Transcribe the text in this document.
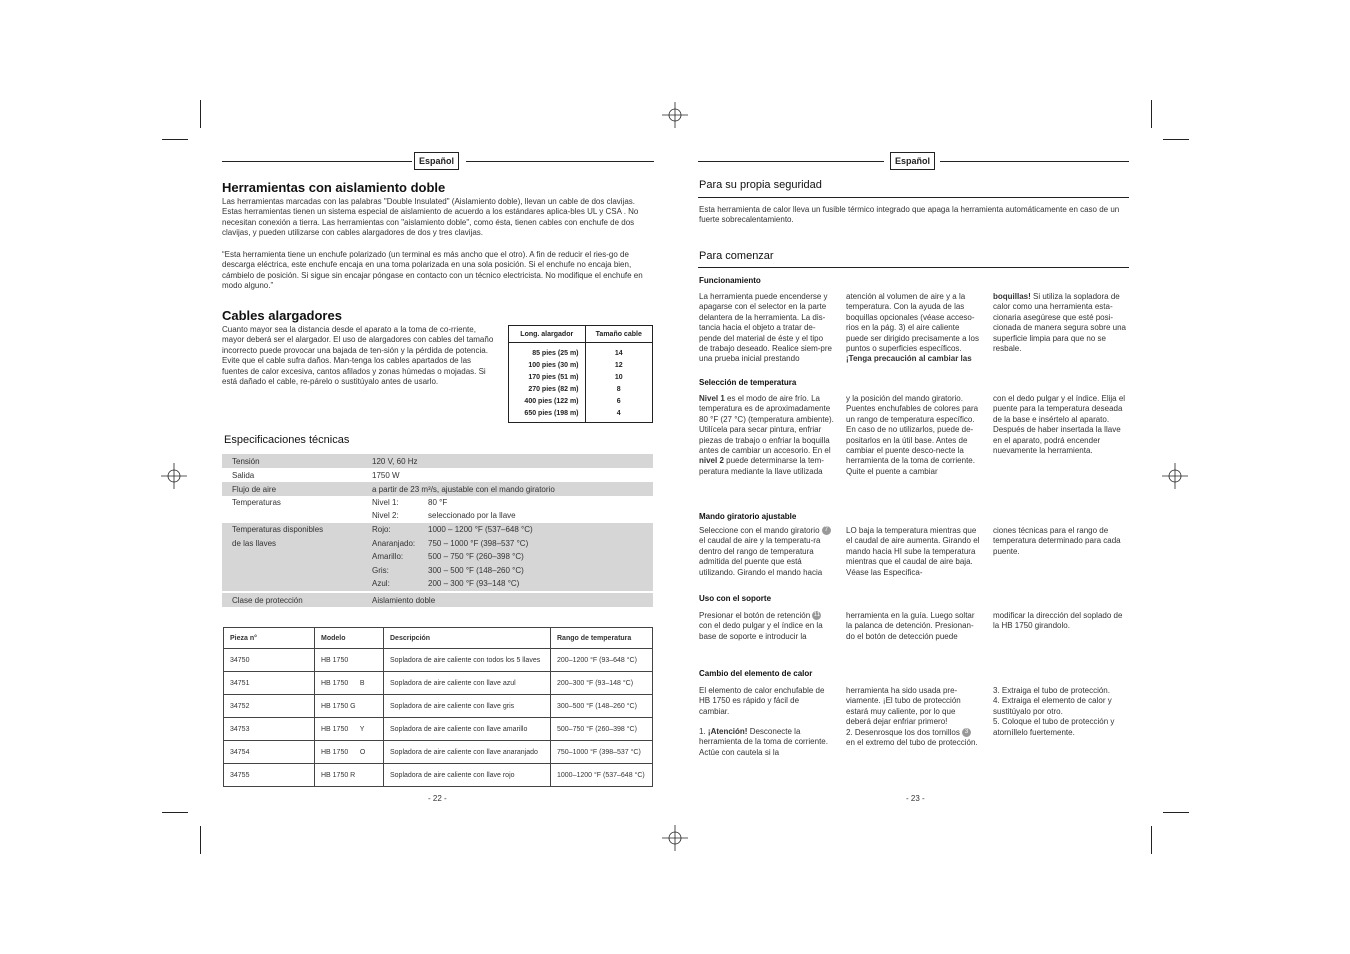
Español
Herramientas con aislamiento doble

Las herramientas marcadas con las palabras "Double Insulated" (Aislamiento doble), llevan un cable de dos clavijas. Estas herramientas tienen un sistema especial de aislamiento de acuerdo a los estándares aplica-bles UL y CSA . No necesitan conexión a tierra. Las herramientas con "aislamiento doble", como ésta, tienen cables con enchufe de dos clavijas, y pueden utilizarse con cables alargadores de dos y tres clavijas.

“Esta herramienta tiene un enchufe polarizado (un terminal es más ancho que el otro). A fin de reducir el ries-go de descarga eléctrica, este enchufe encaja en una toma polarizada en una sola posición. Si el enchufe no encaja bien, cámbielo de posición. Si sigue sin encajar póngase en contacto con un técnico electricista. No modifique el enchufe en modo alguno.”

Cables alargadores

Cuanto mayor sea la distancia desde el aparato a la toma de co-rriente, mayor deberá ser el alargador. El uso de alargadores con cables del tamaño incorrecto puede provocar una bajada de ten-sión y la pérdida de potencia. Evite que el cable sufra daños. Man-tenga los cables apartados de las fuentes de calor excesiva, cantos afilados y zonas húmedas o mojadas. Si está dañado el cable, re-párelo o sustitúyalo antes de usarlo.

Long. alargador	Tamaño cable
85 pies (25 m)	14
100 pies (30 m)	12
170 pies (51 m)	10
270 pies (82 m)	8
400 pies (122 m)	6
650 pies (198 m)	4
Especificaciones técnicas
Tensión	120 V, 60 Hz
Salida	1750 W
Flujo de aire	a partir de 23 m³/s, ajustable con el mando giratorio
Temperaturas	Nivel 1:	80 °F
Nivel 2:	seleccionado por la llave
Temperaturas disponibles
de las llaves
Rojo:	1000 – 1200 °F (537–648 °C)
Anaranjado:	750 – 1000 °F (398–537 °C)
Amarillo:	500 – 750 °F (260–398 °C)
Gris:	300 – 500 °F (148–260 °C)
Azul:	200 – 300 °F (93–148 °C)
Clase de protección	Aislamiento doble
Pieza n°	Modelo	Descripción	Rango de temperatura
34750	HB 1750	Sopladora de aire caliente con todos los 5 llaves	200–1200 °F (93–648 °C)
34751	HB 1750      B	Sopladora de aire caliente con llave azul	200–300 °F (93–148 °C)
34752	HB 1750 G	Sopladora de aire caliente con llave gris	300–500 °F (148–260 °C)
34753	HB 1750      Y	Sopladora de aire caliente con llave amarillo	500–750 °F (260–398 °C)
34754	HB 1750      O	Sopladora de aire caliente con llave anaranjado	750–1000 °F (398–537 °C)
34755	HB 1750 R	Sopladora de aire caliente con llave rojo	1000–1200 °F (537–648 °C)
- 22 -
Español
Para su propia seguridad

Esta herramienta de calor lleva un fusible térmico integrado que apaga la herramienta automáticamente en caso de un fuerte sobrecalentamiento.

Para comenzar
Funcionamiento

La herramienta puede encenderse y apagarse con el selector en la parte delantera de la herramienta. La dis-tancia hacia el objeto a tratar de-pende del material de éste y el tipo de trabajo deseado. Realice siem-pre una prueba inicial prestando

atención al volumen de aire y a la temperatura. Con la ayuda de las boquillas opcionales (véase acceso-rios en la pág. 3) el aire caliente puede ser dirigido precisamente a los puntos o superficies específicos. ¡Tenga precaución al cambiar las

boquillas! Si utiliza la sopladora de calor como una herramienta esta-cionaria asegúrese que esté posi-cionada de manera segura sobre una superficie limpia para que no se resbale.

Selección de temperatura

Nivel 1 es el modo de aire frío. La temperatura es de aproximadamente 80 °F (27 °C) (temperatura ambiente). Utilícela para secar pintura, enfriar piezas de trabajo o enfriar la boquilla antes de cambiar un accesorio. En el nivel 2 puede determinarse la tem-peratura mediante la llave utilizada

y la posición del mando giratorio. Puentes enchufables de colores para un rango de temperatura específico. En caso de no utilizarlos, puede de-positarlos en la útil base. Antes de cambiar el puente desco-necte la herramienta de la toma de corriente. Quite el puente a cambiar

con el dedo pulgar y el índice. Elija el puente para la temperatura deseada de la base e insértelo al aparato. Después de haber insertada la llave en el aparato, podrá encender nuevamente la herramienta.

Mando giratorio ajustable

Seleccione con el mando giratorio 7 el caudal de aire y la temperatu-ra dentro del rango de temperatura admitida del puente que está utilizando. Girando el mando hacia

LO baja la temperatura mientras que el caudal de aire aumenta. Girando el mando hacia HI sube la temperatura mientras que el caudal de aire baja. Véase las Especifica-

ciones técnicas para el rango de temperatura determinado para cada puente.

Uso con el soporte

Presionar el botón de retención 11 con el dedo pulgar y el índice en la base de soporte e introducir la

herramienta en la guía. Luego soltar la palanca de detención. Presionan-do el botón de detección puede

modificar la dirección del soplado de la HB 1750 girandolo.

Cambio del elemento de calor

El elemento de calor enchufable de HB 1750 es rápido y fácil de cambiar.

1. ¡Atención! Desconecte la herramienta de la toma de corriente. Actúe con cautela si la

herramienta ha sido usada pre-viamente. ¡El tubo de protección estará muy caliente, por lo que deberá dejar enfriar primero!
2. Desenrosque los dos tornillos 3 en el extremo del tubo de protección.

3. Extraiga el tubo de protección.
4. Extraiga el elemento de calor y sustitúyalo por otro.
5. Coloque el tubo de protección y atorníllelo fuertemente.

- 23 -
